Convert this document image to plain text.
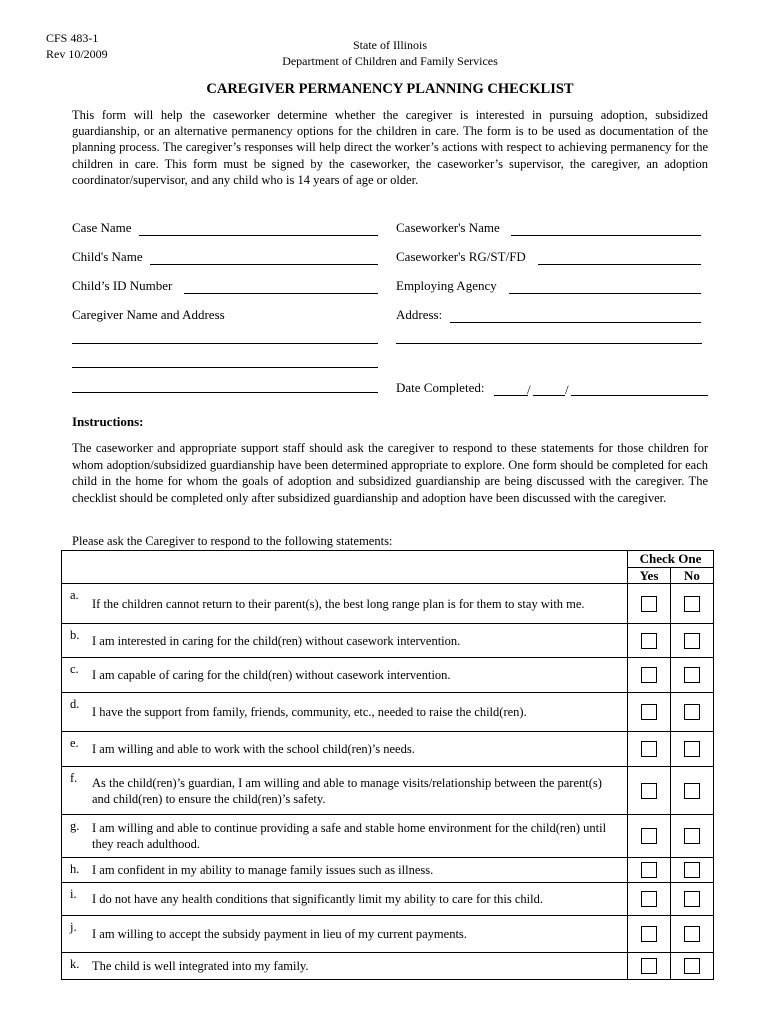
CFS 483-1
Rev 10/2009
State of Illinois
Department of Children and Family Services
CAREGIVER PERMANENCY PLANNING CHECKLIST

This form will help the caseworker determine whether the caregiver is interested in pursuing adoption, subsidized guardianship, or an alternative permanency options for the children in care. The form is to be used as documentation of the planning process. The caregiver’s responses will help direct the worker’s actions with respect to achieving permanency for the children in care. This form must be signed by the caseworker, the caseworker’s supervisor, the caregiver, an adoption coordinator/supervisor, and any child who is 14 years of age or older.

Case Name
Child's Name
Child’s ID Number
Caregiver Name and Address
Caseworker's Name
Caseworker's RG/ST/FD
Employing Agency
Address:
Date Completed:	/	/
Instructions:

The caseworker and appropriate support staff should ask the caregiver to respond to these statements for those children for whom adoption/subsidized guardianship have been determined appropriate to explore. One form should be completed for each child in the home for whom the goals of adoption and subsidized guardianship are being discussed with the caregiver. The checklist should be completed only after subsidized guardianship and adoption have been discussed with the caregiver.

Please ask the Caregiver to respond to the following statements:
	Check One	
	Yes	No

a.
If the children cannot return to their parent(s), the best long range plan is for them to stay with me.		

b. I am interested in caring for the child(ren) without casework intervention.		

c. I am capable of caring for the child(ren) without casework intervention.		

d.
I have the support from family, friends, community, etc., needed to raise the child(ren).		

e. I am willing and able to work with the school child(ren)’s needs.		

f. As the child(ren)’s guardian, I am willing and able to manage visits/relationship between the parent(s) and child(ren) to ensure the child(ren)’s safety.		

g. I am willing and able to continue providing a safe and stable home environment for the child(ren) until they reach adulthood.		

h. I am confident in my ability to manage family issues such as illness.		

i. I do not have any health conditions that significantly limit my ability to care for this child.		

j. I am willing to accept the subsidy payment in lieu of my current payments.		

k. The child is well integrated into my family.		
